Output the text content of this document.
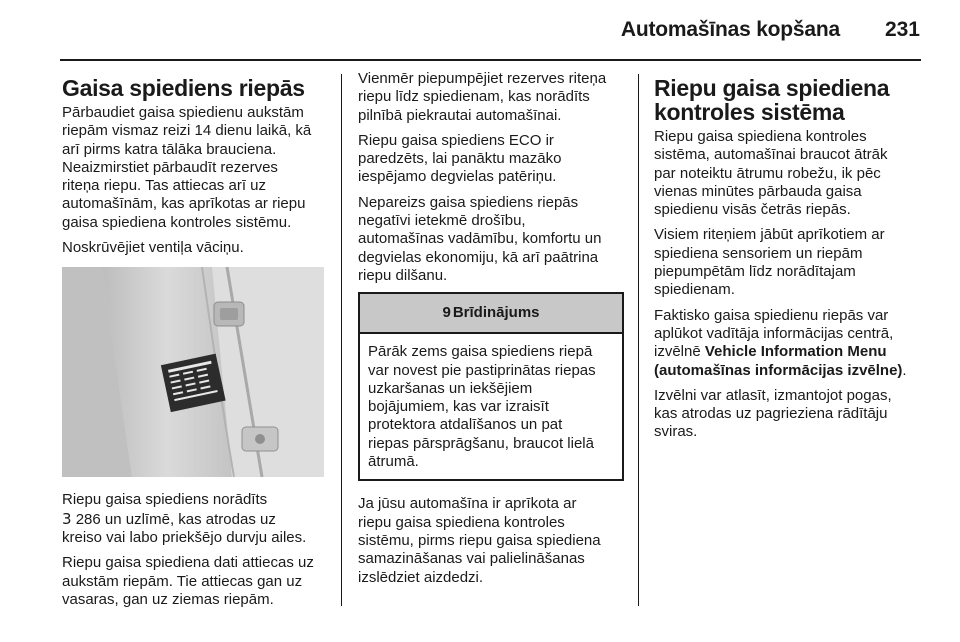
Automašīnas kopšana	231
Gaisa spiediens riepās

Pārbaudiet gaisa spiedienu aukstām
riepām vismaz reizi 14 dienu laikā, kā
arī pirms katra tālāka brauciena.
Neaizmirstiet pārbaudīt rezerves
riteņa riepu. Tas attiecas arī uz
automašīnām, kas aprīkotas ar riepu
gaisa spiediena kontroles sistēmu.

Noskrūvējiet ventiļa vāciņu.

Riepu gaisa spiediens norādīts
3 286 un uzlīmē, kas atrodas uz
kreiso vai labo priekšējo durvju ailes.

Riepu gaisa spiediena dati attiecas uz
aukstām riepām. Tie attiecas gan uz
vasaras, gan uz ziemas riepām.

Vienmēr piepumpējiet rezerves riteņa
riepu līdz spiedienam, kas norādīts
pilnībā piekrautai automašīnai.

Riepu gaisa spiediens ECO ir
paredzēts, lai panāktu mazāko
iespējamo degvielas patēriņu.

Nepareizs gaisa spiediens riepās
negatīvi ietekmē drošību,
automašīnas vadāmību, komfortu un
degvielas ekonomiju, kā arī paātrina
riepu dilšanu.

9 Brīdinājums
Pārāk zems gaisa spiediens riepā
var novest pie pastiprinātas riepas
uzkaršanas un iekšējiem
bojājumiem, kas var izraisīt
protektora atdalīšanos un pat
riepas pārsprāgšanu, braucot lielā
ātrumā.

Ja jūsu automašīna ir aprīkota ar
riepu gaisa spiediena kontroles
sistēmu, pirms riepu gaisa spiediena
samazināšanas vai palielināšanas
izslēdziet aizdedzi.

Riepu gaisa spiediena
kontroles sistēma

Riepu gaisa spiediena kontroles
sistēma, automašīnai braucot ātrāk
par noteiktu ātrumu robežu, ik pēc
vienas minūtes pārbauda gaisa
spiedienu visās četrās riepās.

Visiem riteņiem jābūt aprīkotiem ar
spiediena sensoriem un riepām
piepumpētām līdz norādītajam
spiedienam.

Faktisko gaisa spiedienu riepās var
aplūkot vadītāja informācijas centrā,
izvēlnē Vehicle Information Menu
(automašīnas informācijas izvēlne).

Izvēlni var atlasīt, izmantojot pogas,
kas atrodas uz pagrieziena rādītāju
sviras.
